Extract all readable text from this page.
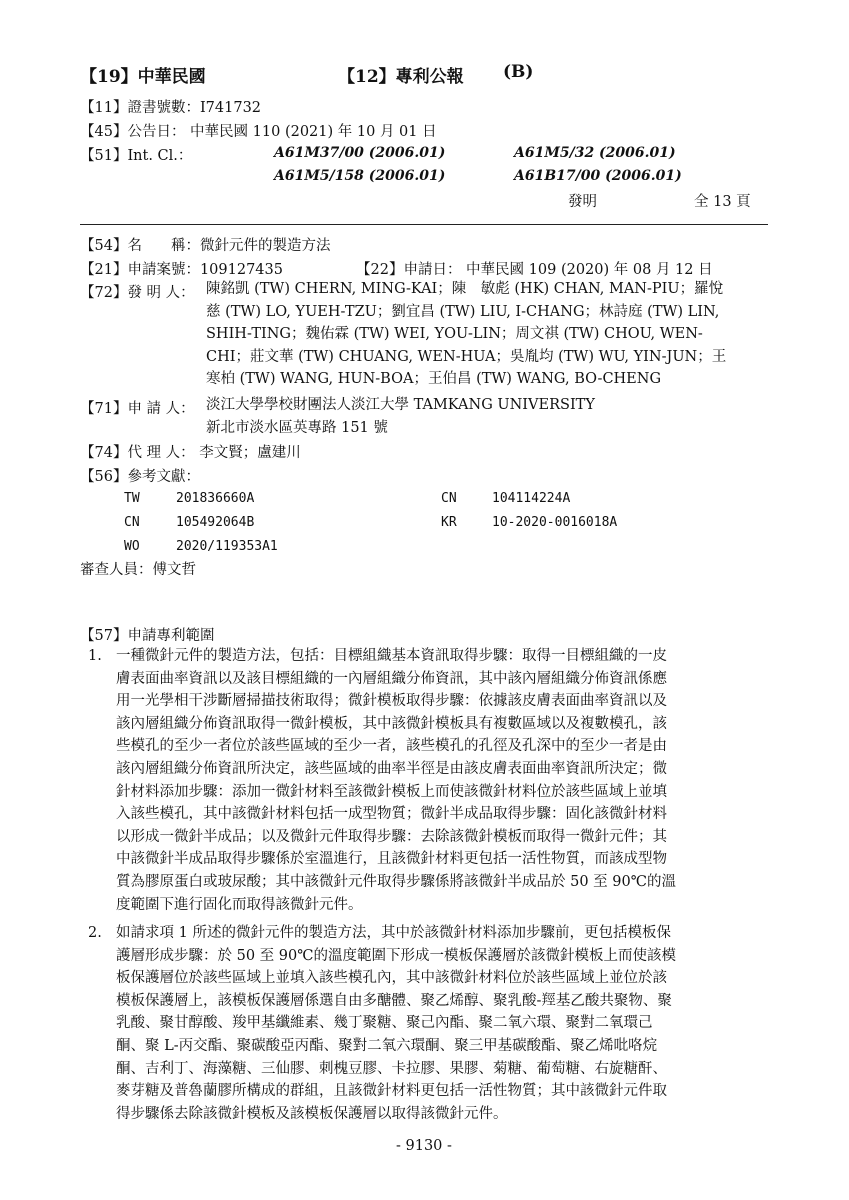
【19】中華民國	【12】專利公報 (B)
【11】證書號數：I741732
【45】公告日： 中華民國 110 (2021) 年 10 月 01 日
【51】Int. Cl.：	A61M37/00 (2006.01)	A61M5/32 (2006.01)
A61M5/158 (2006.01)	A61B17/00 (2006.01)
發明	全 13 頁
【54】名　　稱：微針元件的製造方法
【21】申請案號：109127435	【22】申請日： 中華民國 109 (2020) 年 08 月 12 日
【72】發 明 人： 陳銘凱 (TW) CHERN, MING-KAI；陳　敏彪 (HK) CHAN, MAN-PIU；羅悅
慈 (TW) LO, YUEH-TZU；劉宜昌 (TW) LIU, I-CHANG；林詩庭 (TW) LIN,
SHIH-TING；魏佑霖 (TW) WEI, YOU-LIN；周文祺 (TW) CHOU, WEN-
CHI；莊文華 (TW) CHUANG, WEN-HUA；吳胤均 (TW) WU, YIN-JUN；王
寒柏 (TW) WANG, HUN-BOA；王伯昌 (TW) WANG, BO-CHENG
【71】申 請 人： 淡江大學學校財團法人淡江大學 TAMKANG UNIVERSITY
新北市淡水區英專路 151 號
【74】代 理 人： 李文賢；盧建川
【56】參考文獻：
TW	201836660A	CN	104114224A
CN	105492064B	KR	10-2020-0016018A
WO	2020/119353A1
審查人員：傅文哲
【57】申請專利範圍
1. 一種微針元件的製造方法，包括：目標組織基本資訊取得步驟：取得一目標組織的一皮
膚表面曲率資訊以及該目標組織的一內層組織分佈資訊，其中該內層組織分佈資訊係應
用一光學相干涉斷層掃描技術取得；微針模板取得步驟：依據該皮膚表面曲率資訊以及
該內層組織分佈資訊取得一微針模板，其中該微針模板具有複數區域以及複數模孔，該
些模孔的至少一者位於該些區域的至少一者，該些模孔的孔徑及孔深中的至少一者是由
該內層組織分佈資訊所決定，該些區域的曲率半徑是由該皮膚表面曲率資訊所決定；微
針材料添加步驟：添加一微針材料至該微針模板上而使該微針材料位於該些區域上並填
入該些模孔，其中該微針材料包括一成型物質；微針半成品取得步驟：固化該微針材料
以形成一微針半成品；以及微針元件取得步驟：去除該微針模板而取得一微針元件；其
中該微針半成品取得步驟係於室溫進行，且該微針材料更包括一活性物質，而該成型物
質為膠原蛋白或玻尿酸；其中該微針元件取得步驟係將該微針半成品於 50 至 90℃的溫
度範圍下進行固化而取得該微針元件。
2. 如請求項 1 所述的微針元件的製造方法，其中於該微針材料添加步驟前，更包括模板保
護層形成步驟：於 50 至 90℃的溫度範圍下形成一模板保護層於該微針模板上而使該模
板保護層位於該些區域上並填入該些模孔內，其中該微針材料位於該些區域上並位於該
模板保護層上，該模板保護層係選自由多醣體、聚乙烯醇、聚乳酸-羥基乙酸共聚物、聚
乳酸、聚甘醇酸、羧甲基纖維素、幾丁聚糖、聚己內酯、聚二氧六環、聚對二氧環己
酮、聚 L-丙交酯、聚碳酸亞丙酯、聚對二氧六環酮、聚三甲基碳酸酯、聚乙烯吡咯烷
酮、吉利丁、海藻糖、三仙膠、刺槐豆膠、卡拉膠、果膠、菊糖、葡萄糖、右旋糖酐、
麥芽糖及普魯蘭膠所構成的群組，且該微針材料更包括一活性物質；其中該微針元件取
得步驟係去除該微針模板及該模板保護層以取得該微針元件。
- 9130 -
